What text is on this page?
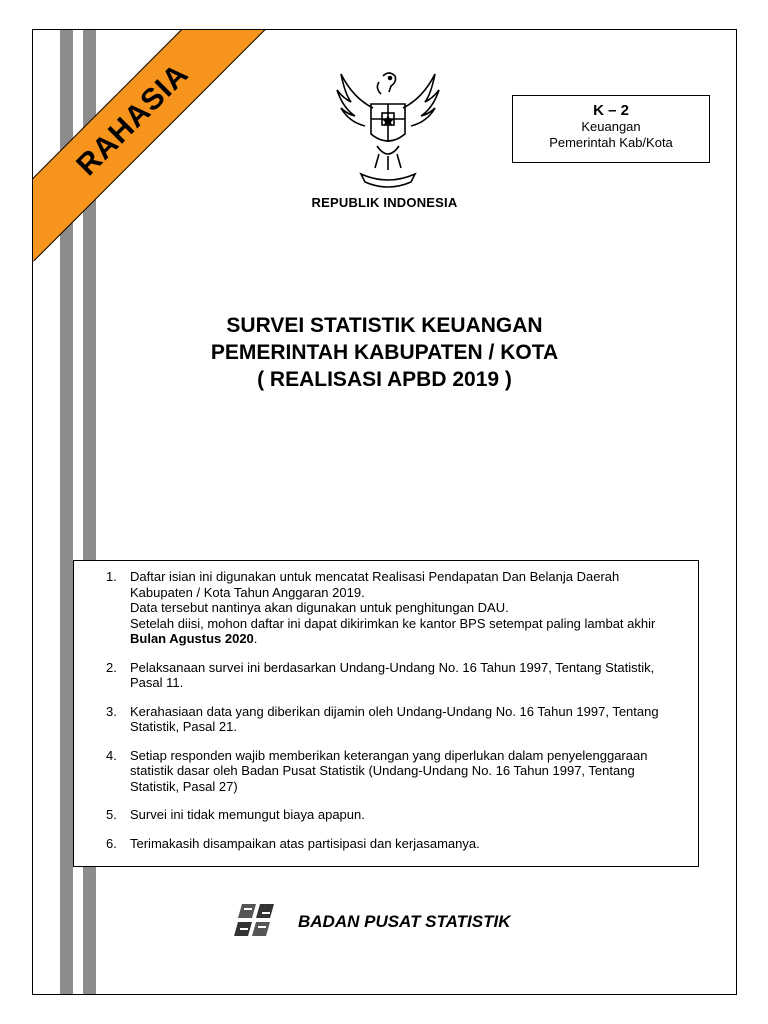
RAHASIA	· · · · · · · ·
K – 2
Keuangan
Pemerintah Kab/Kota
REPUBLIK INDONESIA
SURVEI STATISTIK KEUANGAN
PEMERINTAH KABUPATEN / KOTA
( REALISASI APBD 2019 )
1.	Daftar isian ini digunakan untuk mencatat Realisasi Pendapatan Dan Belanja Daerah Kabupaten / Kota Tahun Anggaran 2019.

Data tersebut nantinya akan digunakan untuk penghitungan DAU.

Setelah diisi, mohon daftar ini dapat dikirimkan ke kantor BPS setempat paling lambat akhir Bulan Agustus 2020.

2.	Pelaksanaan survei ini berdasarkan Undang-Undang No. 16 Tahun 1997, Tentang Statistik, Pasal 11.
3.	Kerahasiaan data yang diberikan dijamin oleh Undang-Undang No. 16 Tahun 1997, Tentang Statistik, Pasal 21.
4.	Setiap responden wajib memberikan keterangan yang diperlukan dalam penyelenggaraan statistik dasar oleh Badan Pusat Statistik (Undang-Undang No. 16 Tahun 1997, Tentang Statistik, Pasal 27)
5.	Survei ini tidak memungut biaya apapun.
6.	Terimakasih disampaikan atas partisipasi dan kerjasamanya.
BADAN PUSAT STATISTIK
